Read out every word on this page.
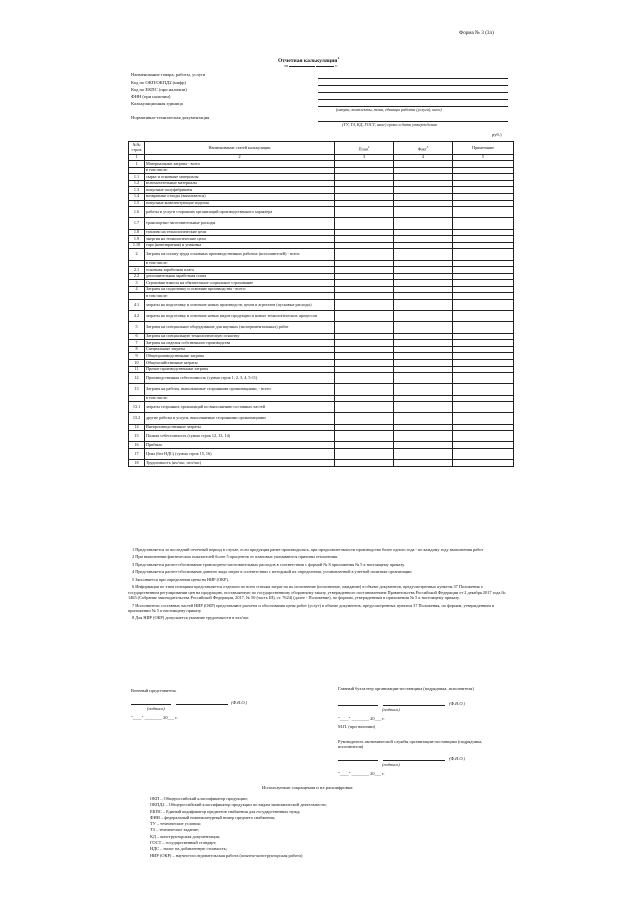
Форма № 3 (3л)
Отчетная калькуляция$^1$
за	г.
Наименование товара, работы, услуги
Код по ОКП/ОКПД2 (нифр)
Код по ЕКПС (при наличии)
ФНН (при наличии)
Калькуляционная единица
(штуки, комплекты, тонн, единицы работы (услуги), иное)
Нормативно-техническая документация
(ТУ, ТЗ, КД, ГОСТ, иное) сроки и дата утверждения
руб.)
№№ строк	Наименование статей калькуляции	План$^2$	Факт$^3$	Примечание
1	2	3	4	5
1	Материальные затраты - всего			
	в том числе:			
1.1	сырье и основные материалы			
1.2	вспомогательные материалы			
1.3	покупные полуфабрикаты			
1.4	возвратные отходы (вычитаются)			
1.5	покупные комплектующие изделия			
1.6	работы и услуги сторонних организаций производственного характера			
1.7	транспортно-заготовительные расходы			
1.8	топливо на технологические цели			
1.9	энергия на технологические цели			
1.10	тара (невозвратная) и упаковка			
2	Затраты на оплату труда основных производственных рабочих (исполнителей) - всего:			
	в том числе:			
2.1	основная заработная плата			
2.2	дополнительная заработная плата			
3	Страховые взносы на обязательное социальное страхование			
4	Затраты на подготовку и освоение производства - всего:			
	в том числе:			
4.1	затраты на подготовку и освоение новых производств, цехов и агрегатов (пусковые расходы)			
4.2	затраты на подготовку и освоение новых видов продукции и новых технологических процессов			
5	Затраты на специальное оборудование для научных (экспериментальных) работ			
6	Затраты на специальную технологическую оснастку			
7	Затраты на изделия собственного производства			
8	Специальные затраты			
9	Общепроизводственные затраты			
10	Общехозяйственные затраты			
11	Прочие производственные затраты			
12	Производственная себестоимость (сумма строк 1, 2, 3, 4, 5-11)			
13	Затраты на работы, выполняемые сторонними организациями, - всего:			
	в том числе:			
13.1	затраты сторонних организаций по выполнению составных частей			
13.2	другие работы и услуги, выполняемые сторонними организациями			
14	Внепроизводственные затраты			
15	Полная себестоимость (сумма строк 12, 13, 14)			
16	Прибыль			
17	Цена (без НДС) (сумма строк 15, 16)			
18	Трудоемкость (нч/час, чел/час)			

1 Представляется за последний отчетный период в случае, если продукция ранее производилась, при продолжительности производства более одного года - по каждому году выполнения работ

2 При выполнении фактических показателей более 5 процентов от плановых указываются причины отклонения.

3 Представляется расчет-обоснование транспортно-заготовительных расходов в соответствии с формой № 8 приложения № 5 к настоящему приказу.

4 Представляется расчет-обоснование данного вида затрат в соответствии с методикой их определения, установленной в учетной политике организации

5 Заполняется при определении цены на НИР (ОКР).

6 Информация по этим позициям представляется отдельно по всем статьям затрат на их исполнение (исполнение, ожидание) в объеме документов, предусмотренных пунктом 37 Положения о государственном регулировании цен на продукцию, поставляемую по государственному оборонному заказу, утвержденного постановлением Правительства Российской Федерации от 2 декабря 2017 года № 1465 (Собрание законодательства Российской Федерации, 2017, № 50 (часть III), ст. 7624) (далее - Положение), по формам, утвержденным в приложении № 5 к настоящему приказу.

7 Исполнители составных частей НИР (ОКР) представляют расчеты и обоснования цены работ (услуг) в объеме документов, предусмотренных пунктом 37 Положения, по формам, утвержденным в приложении № 5 к настоящему приказу.

8 Для НИР (ОКР) допускается указание трудоемкости в чел/час

Военный представитель
(Ф.И.О.)
(подпись)
"____" ________ 20___ г.
Главный бухгалтер организации-поставщика (подрядчика, исполнителя)
(Ф.И.О.)
(подпись)
"____" ________ 20___ г.
М.П. (при наличии)
Руководитель экономической службы организации-поставщика (подрядчика, исполнителя)
(Ф.И.О.)
(подпись)
"____" ________ 20___ г.
Используемые сокращения и их расшифровка:
ОКП – Общероссийский классификатор продукции;
ОКПД2 – Общероссийский классификатор продукции по видам экономической деятельности;
ЕКПС – Единый кодификатор предметов снабжения для государственных нужд;
ФНН – федеральный номенклатурный номер предмета снабжения;
ТУ – технические условия;
ТЗ – техническое задание;
КД – конструкторская документация;
ГОСТ – государственный стандарт;
НДС – налог на добавленную стоимость;
НИР (ОКР) – научно-исследовательская работа (опытно-конструкторская работа)
